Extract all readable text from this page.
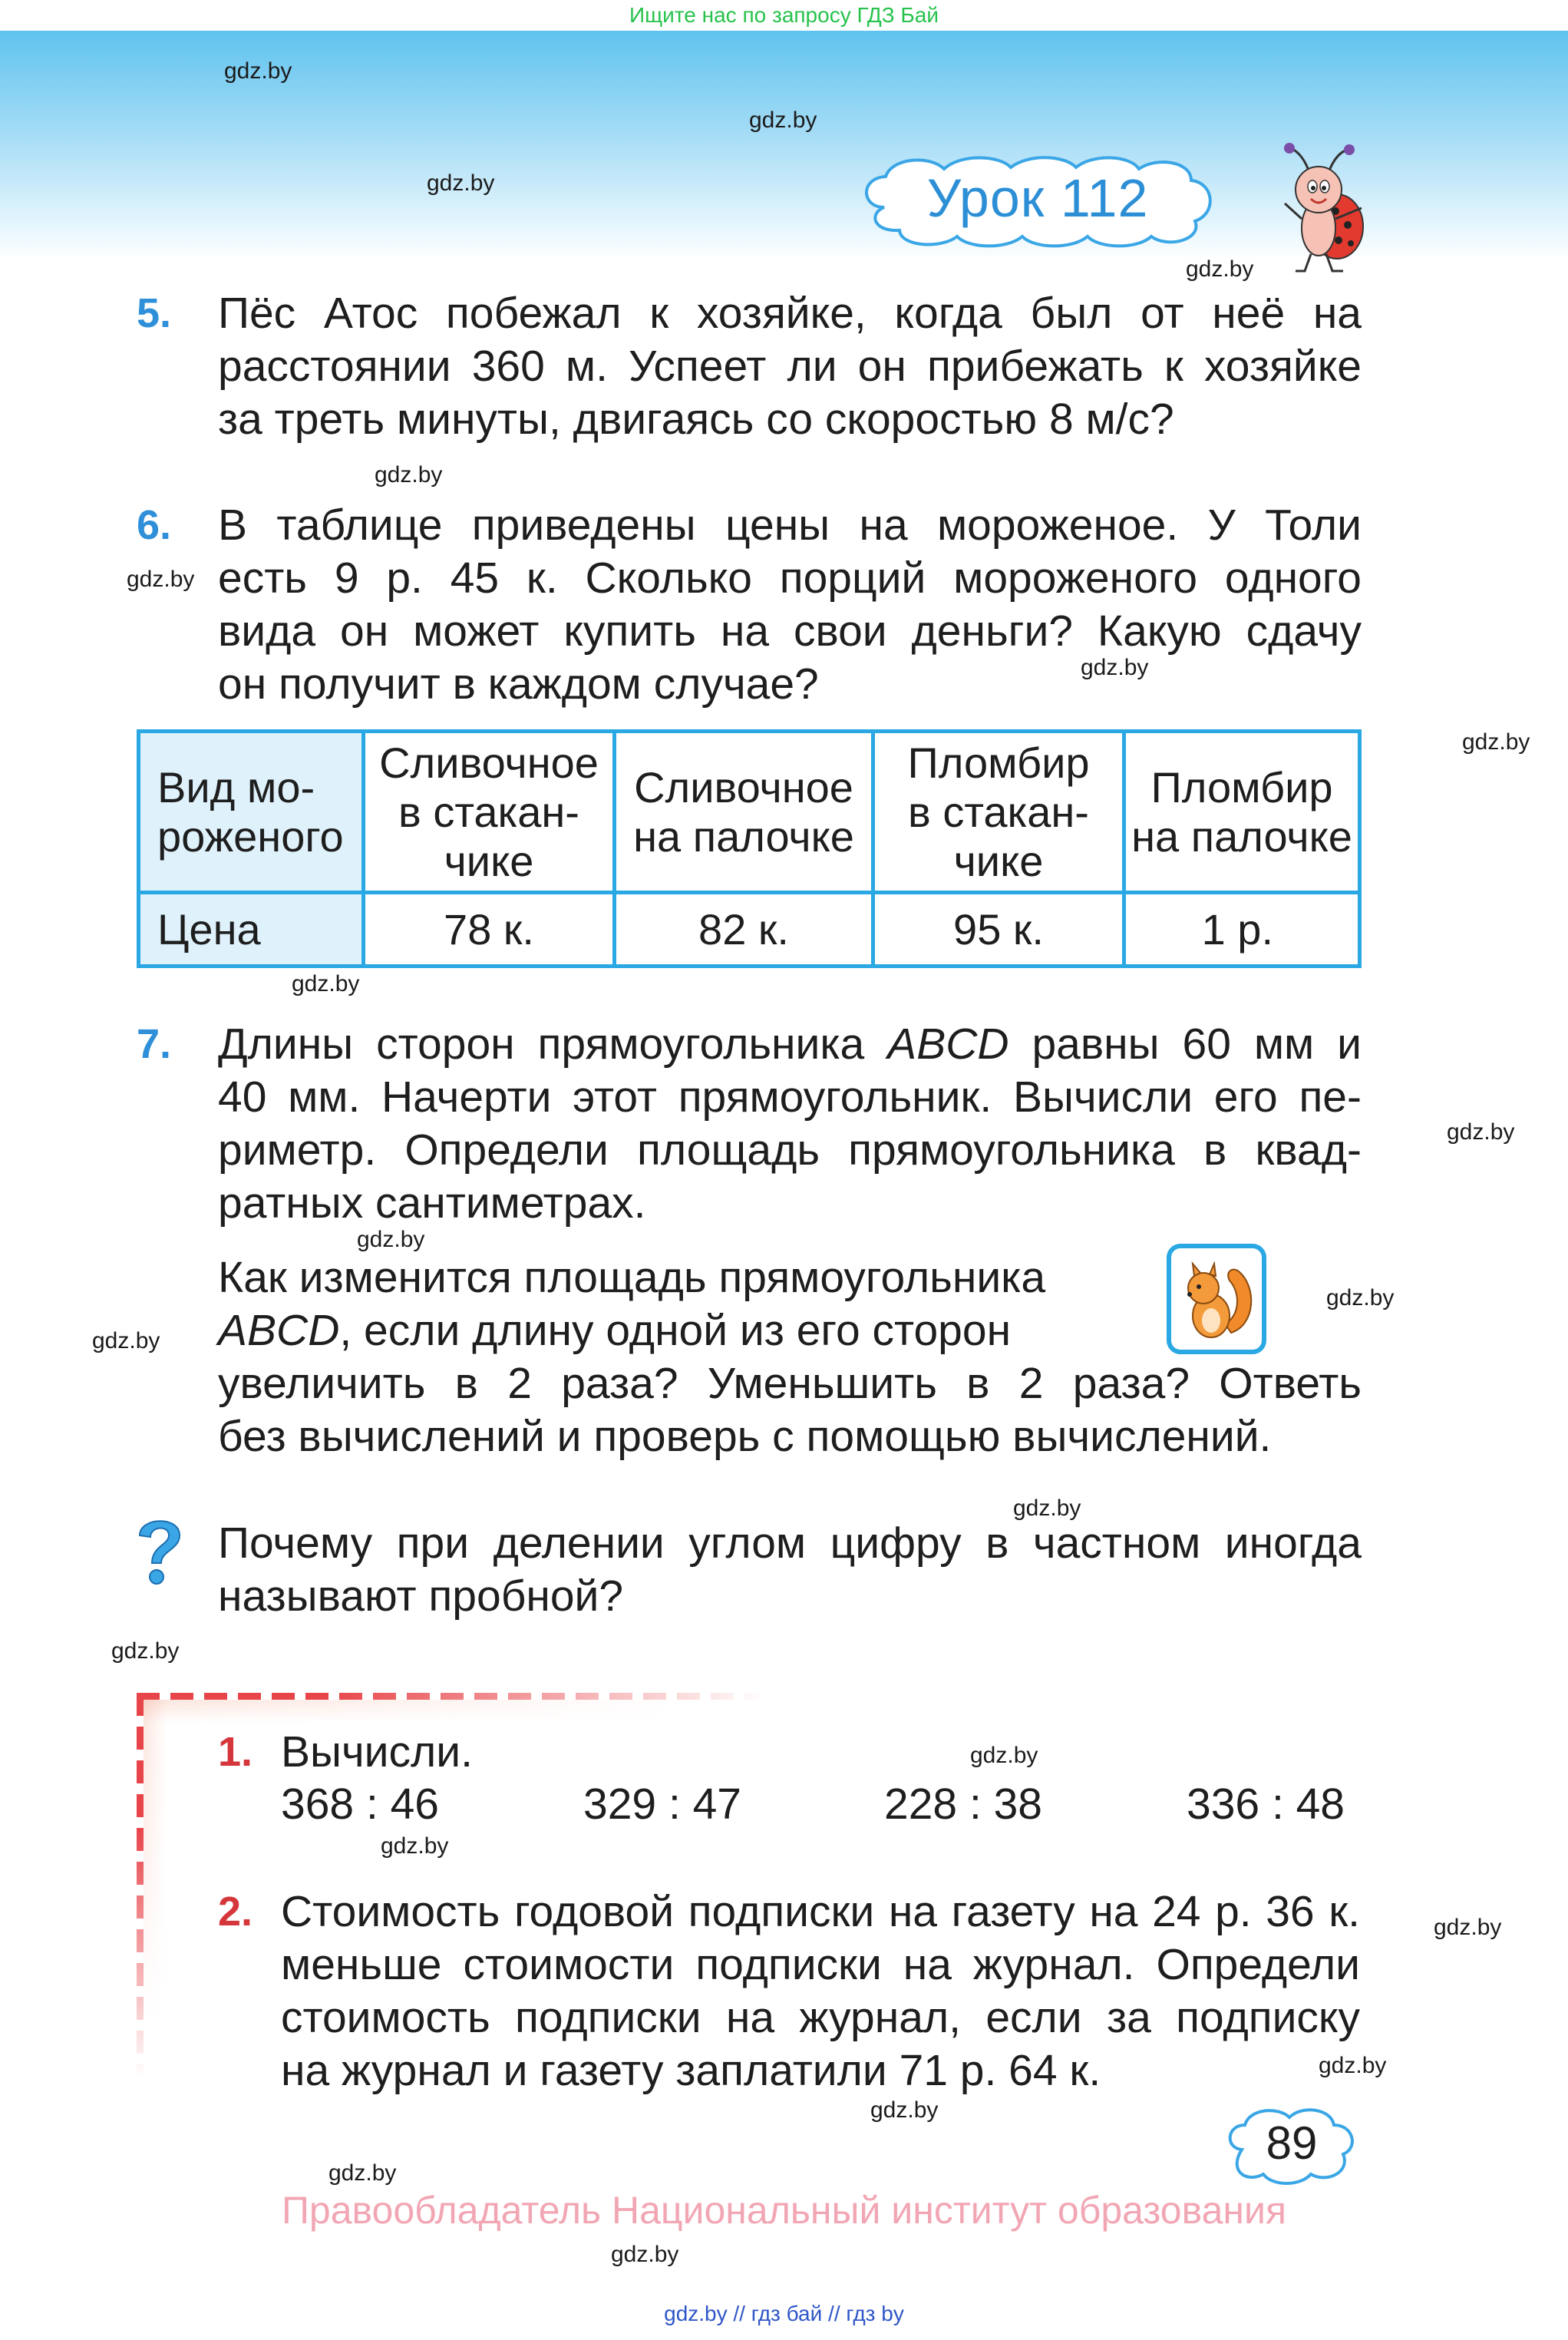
Ищите нас по запросу ГДЗ Бай
gdz.by
gdz.by
gdz.by
gdz.by
gdz.by
gdz.by
gdz.by
gdz.by
gdz.by
gdz.by
gdz.by
gdz.by
gdz.by
gdz.by
gdz.by
gdz.by
gdz.by
gdz.by
gdz.by
gdz.by
gdz.by
gdz.by
Урок 112
5. Пёс Атос побежал к хозяйке, когда был от неё на
расстоянии 360 м. Успеет ли он прибежать к хозяйке
за треть минуты, двигаясь со скоростью 8 м/с?
6. В таблице приведены цены на мороженое. У Толи
есть 9 р. 45 к. Сколько порций мороженого одного
вида он может купить на свои деньги? Какую сдачу
он получит в каждом случае?
Вид мо-
роженого	Сливочное
в стакан-
чике	Сливочное
на палочке	Пломбир
в стакан-
чике	Пломбир
на палочке
Цена	78 к.	82 к.	95 к.	1 р.
7. Длины сторон прямоугольника ABCD равны 60 мм и
40 мм. Начерти этот прямоугольник. Вычисли его пе-
риметр. Определи площадь прямоугольника в квад-
ратных сантиметрах.
Как изменится площадь прямоугольника
ABCD, если длину одной из его сторон
увеличить в 2 раза? Уменьшить в 2 раза? Ответь
без вычислений и проверь с помощью вычислений.
Почему при делении углом цифру в частном иногда
называют пробной?
1. Вычисли.
368 : 46	329 : 47	228 : 38	336 : 48
2. Стоимость годовой подписки на газету на 24 р. 36 к.
меньше стоимости подписки на журнал. Определи
стоимость подписки на журнал, если за подписку
на журнал и газету заплатили 71 р. 64 к.
89
Правообладатель Национальный институт образования
gdz.by // гдз бай // гдз by
